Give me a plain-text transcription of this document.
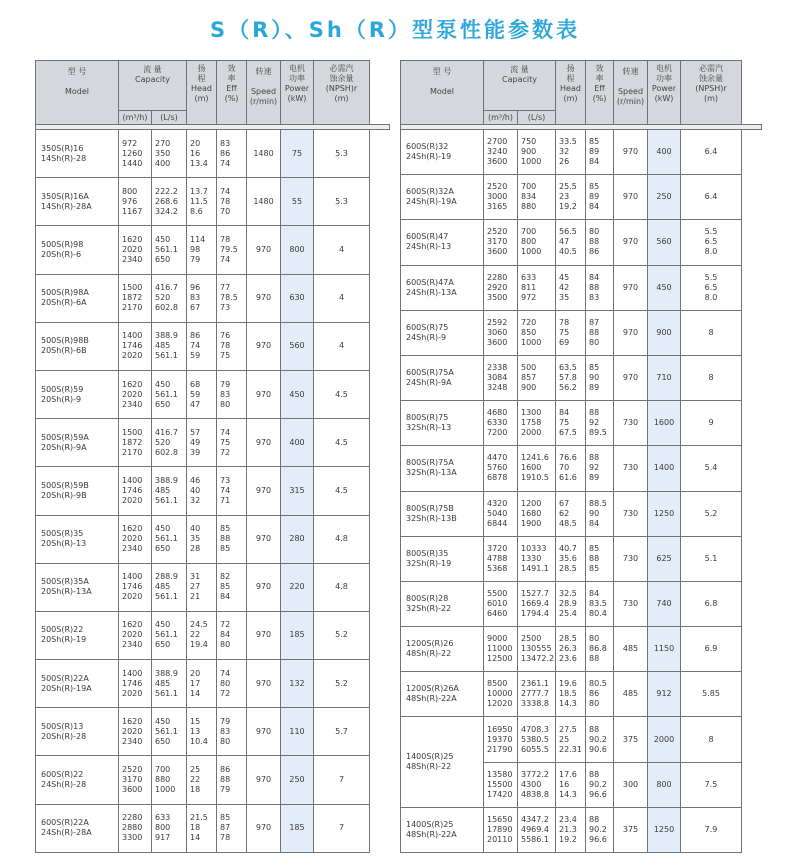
S（R）、Sh（R）型泵性能参数表
型 号

Model	流 量
Capacity		扬
程
Head
(m)	效
率
Eff
(%)	转速

Speed
(r/min)	电机
功率
Power
(kW)	必需汽
蚀余量
(NPSH)r
(m)
	(m³/h)	(L/s)					

350S(R)16
14Sh(R)-28	972
1260
1440	270
350
400	20
16
13.4	83
86
74	1480	75	5.3
350S(R)16A
14Sh(R)-28A	800
976
1167	222.2
268.6
324.2	13.7
11.5
8.6	74
78
70	1480	55	5.3
500S(R)98
20Sh(R)-6	1620
2020
2340	450
561.1
650	114
98
79	78
79.5
74	970	800	4
500S(R)98A
20Sh(R)-6A	1500
1872
2170	416.7
520
602.8	96
83
67	77
78.5
73	970	630	4
500S(R)98B
20Sh(R)-6B	1400
1746
2020	388.9
485
561.1	86
74
59	76
78
75	970	560	4
500S(R)59
20Sh(R)-9	1620
2020
2340	450
561.1
650	68
59
47	79
83
80	970	450	4.5
500S(R)59A
20Sh(R)-9A	1500
1872
2170	416.7
520
602.8	57
49
39	74
75
72	970	400	4.5
500S(R)59B
20Sh(R)-9B	1400
1746
2020	388.9
485
561.1	46
40
32	73
74
71	970	315	4.5
500S(R)35
20Sh(R)-13	1620
2020
2340	450
561.1
650	40
35
28	85
88
85	970	280	4.8
500S(R)35A
20Sh(R)-13A	1400
1746
2020	288.9
485
561.1	31
27
21	82
85
84	970	220	4.8
500S(R)22
20Sh(R)-19	1620
2020
2340	450
561.1
650	24.5
22
19.4	72
84
80	970	185	5.2
500S(R)22A
20Sh(R)-19A	1400
1746
2020	388.9
485
561.1	20
17
14	74
80
72	970	132	5.2
500S(R)13
20Sh(R)-28	1620
2020
2340	450
561.1
650	15
13
10.4	79
83
80	970	110	5.7
600S(R)22
24Sh(R)-28	2520
3170
3600	700
880
1000	25
22
18	86
88
79	970	250	7
600S(R)22A
24Sh(R)-28A	2280
2880
3300	633
800
917	21.5
18
14	85
87
78	970	185	7
型 号

Model	流 量
Capacity		扬
程
Head
(m)	效
率
Eff
(%)	转速

Speed
(r/min)	电机
功率
Power
(kW)	必需汽
蚀余量
(NPSH)r
(m)
	(m³/h)	(L/s)					

600S(R)32
24Sh(R)-19	2700
3240
3600	750
900
1000	33.5
32
26	85
89
84	970	400	6.4
600S(R)32A
24Sh(R)-19A	2520
3000
3165	700
834
880	25.5
23
19.2	85
89
84	970	250	6.4
600S(R)47
24Sh(R)-13	2520
3170
3600	700
800
1000	56.5
47
40.5	80
88
86	970	560	5.5
6.5
8.0
600S(R)47A
24Sh(R)-13A	2280
2920
3500	633
811
972	45
42
35	84
88
83	970	450	5.5
6.5
8.0
600S(R)75
24Sh(R)-9	2592
3060
3600	720
850
1000	78
75
69	87
88
80	970	900	8
600S(R)75A
24Sh(R)-9A	2338
3084
3248	500
857
900	63.5
57.8
56.2	85
90
89	970	710	8
800S(R)75
32Sh(R)-13	4680
6330
7200	1300
1758
2000	84
75
67.5	88
92
89.5	730	1600	9
800S(R)75A
32Sh(R)-13A	4470
5760
6878	1241.6
1600
1910.5	76.6
70
61.6	88
92
89	730	1400	5.4
800S(R)75B
32Sh(R)-13B	4320
5040
6844	1200
1680
1900	67
62
48.5	88.5
90
84	730	1250	5.2
800S(R)35
32Sh(R)-19	3720
4788
5368	10333
1330
1491.1	40.7
35.6
28.5	85
88
85	730	625	5.1
800S(R)28
32Sh(R)-22	5500
6010
6460	1527.7
1669.4
1794.4	32.5
28.9
25.4	84
83.5
80.4	730	740	6.8
1200S(R)26
48Sh(R)-22	9000
11000
12500	2500
130555
13472.2	28.5
26.3
23.6	80
86.8
88	485	1150	6.9
1200S(R)26A
48Sh(R)-22A	8500
10000
12020	2361.1
2777.7
3338.8	19.6
18.5
14.3	80.5
86
80	485	912	5.85
1400S(R)25
48Sh(R)-22	16950
19370
21790	4708.3
5380.5
6055.5	27.5
25
22.31	88
90.2
90.6	375	2000	8
	13580
15500
17420	3772.2
4300
4838.8	17.6
16
14.3	88
90.2
96.6	300	800	7.5
1400S(R)25
48Sh(R)-22A	15650
17890
20110	4347.2
4969.4
5586.1	23.4
21.3
19.2	88
90.2
96.6	375	1250	7.9
